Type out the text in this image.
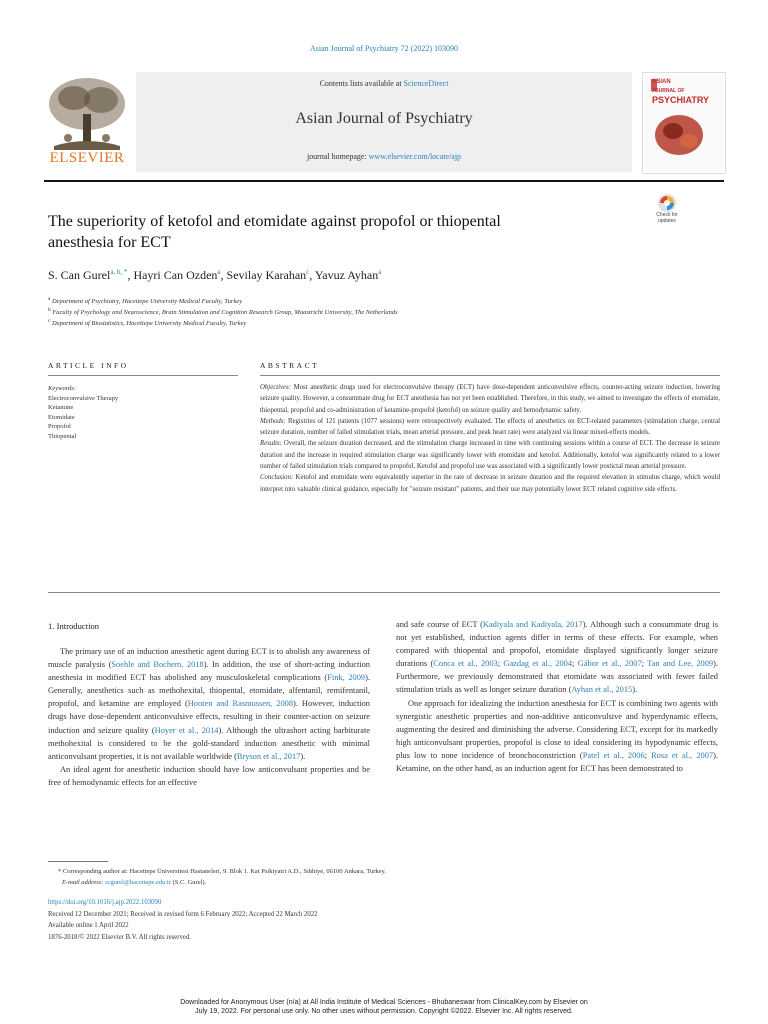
Asian Journal of Psychiatry 72 (2022) 103090
Contents lists available at ScienceDirect
Asian Journal of Psychiatry
journal homepage: www.elsevier.com/locate/ajp
ELSEVIER
ASIAN
JOURNAL OF
PSYCHIATRY
The superiority of ketofol and etomidate against propofol or thiopental
anesthesia for ECT
Check for updates
S. Can Gurel$^{a, b, *}$, Hayri Can Ozden$^a$, Sevilay Karahan$^c$, Yavuz Ayhan$^a$
$^a$ Department of Psychiatry, Hacettepe University Medical Faculty, Turkey
$^b$ Faculty of Psychology and Neuroscience, Brain Stimulation and Cognition Research Group, Maastricht University, The Netherlands
$^c$ Department of Biostatistics, Hacettepe University Medical Faculty, Turkey
ARTICLE INFO	ABSTRACT
Keywords:
Electroconvulsive Therapy
Ketamine
Etomidate
Propofol
Thiopental

Objectives: Most anesthetic drugs used for electroconvulsive therapy (ECT) have dose-dependent anticonvulsive effects, counter-acting seizure induction, lowering seizure quality. However, a consummate drug for ECT anesthesia has not yet been established. Therefore, in this study, we aimed to investigate the effects of etomidate, thiopental, propofol and co-administration of ketamine-propofol (ketofol) on seizure quality and hemodynamic safety.

Methods: Registries of 121 patients (1077 sessions) were retrospectively evaluated. The effects of anesthetics on ECT-related parameters (stimulation charge, central seizure duration, number of failed stimulation trials, mean arterial pressure, and peak heart rate) were analyzed via linear mixed-effects models.

Results: Overall, the seizure duration decreased, and the stimulation charge increased in time with continuing sessions within a course of ECT. The decrease in seizure duration and the increase in required stimulation charge was significantly lower with etomidate and ketofol. Additionally, ketofol was significantly related to a lower number of failed stimulation trials compared to propofol. Ketofol and propofol use was associated with a significantly lower postictal mean arterial pressure.

Conclusion: Ketofol and etomidate were equivalently superior in the rate of decrease in seizure duration and the required elevation in stimulus charge, which would interpret into valuable clinical guidance, especially for "seizure resistant" patients, and their use may potentially lower ECT related cognitive side effects.

1. Introduction

The primary use of an induction anesthetic agent during ECT is to abolish any awareness of muscle paralysis (Soehle and Bochem, 2018). In addition, the use of short-acting induction anesthesia in modified ECT has abolished any musculoskeletal complications (Fink, 2009). Generally, anesthetics such as methohexital, thiopental, etomidate, alfentanil, remifentanil, propofol, and ketamine are employed (Hooten and Rasmussen, 2008). However, induction drugs have dose-dependent anticonvulsive effects, resulting in their counter-action on seizure induction and seizure quality (Hoyer et al., 2014). Although the ultrashort acting barbiturate methohexital is considered to be the gold-standard induction anesthetic with minimal anticonvulsant properties, it is not available worldwide (Bryson et al., 2017).

An ideal agent for anesthetic induction should have low anticonvulsant properties and be free of hemodynamic effects for an effective

and safe course of ECT (Kadiyala and Kadiyala, 2017). Although such a consummate drug is not yet established, induction agents differ in terms of these effects. For example, when compared with thiopental and propofol, etomidate displayed significantly longer seizure durations (Conca et al., 2003; Gazdag et al., 2004; Gábor et al., 2007; Tan and Lee, 2009). Furthermore, we previously demonstrated that etomidate was associated with fewer failed stimulation trials as well as longer seizure duration (Ayhan et al., 2015).

One approach for idealizing the induction anesthesia for ECT is combining two agents with synergistic anesthetic properties and non-additive anticonvulsive and hyperdynamic effects, augmenting the desired and diminishing the adverse. Considering ECT, except for its markedly high anticonvulsant properties, propofol is close to ideal considering its hypodynamic effects, plus low to none incidence of bronchoconstriction (Patel et al., 2006; Rosa et al., 2007). Ketamine, on the other hand, as an induction agent for ECT has been demonstrated to

* Corresponding author at: Hacettepe Üniversitesi Hastaneleri, 9. Blok 1. Kat Psikiyatri A.D., Sıhhiye, 06100 Ankara, Turkey.
E-mail address: scgurel@hacettepe.edu.tr (S.C. Gurel).
https://doi.org/10.1016/j.ajp.2022.103090
Received 12 December 2021; Received in revised form 6 February 2022; Accepted 22 March 2022
Available online 1 April 2022
1876-2018/© 2022 Elsevier B.V. All rights reserved.
Downloaded for Anonymous User (n/a) at All India Institute of Medical Sciences - Bhubaneswar from ClinicalKey.com by Elsevier on
July 19, 2022. For personal use only. No other uses without permission. Copyright ©2022. Elsevier Inc. All rights reserved.
